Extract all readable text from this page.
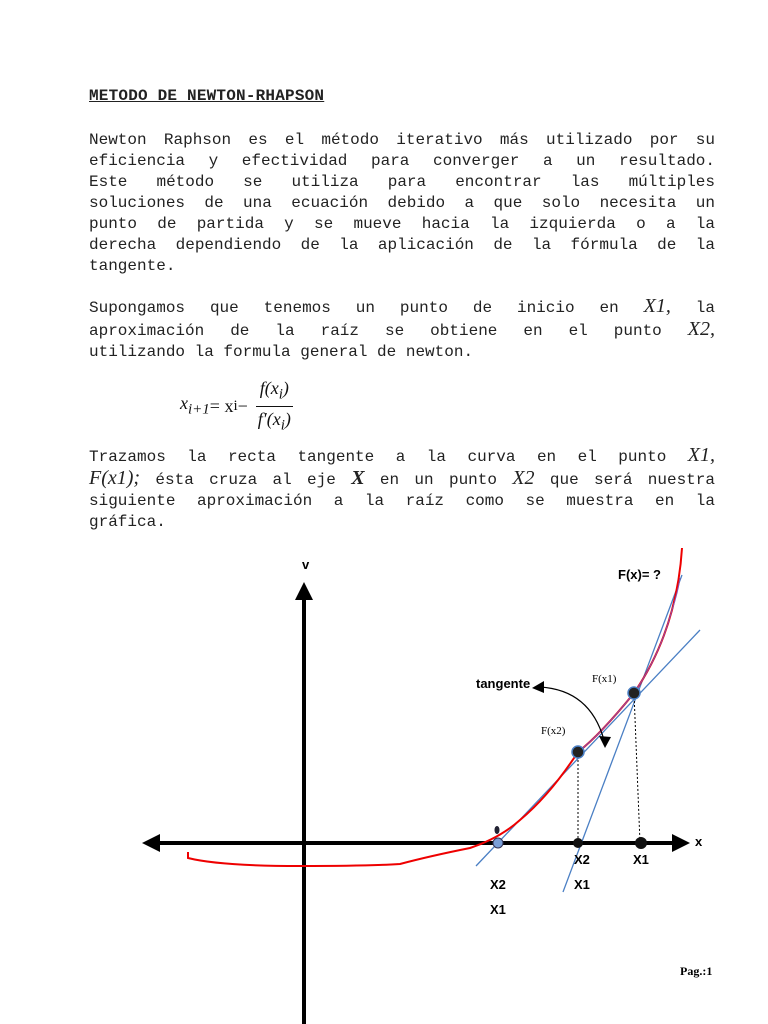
METODO DE NEWTON-RHAPSON
Newton Raphson es el método iterativo más utilizado por su
eficiencia y efectividad para converger a un resultado.
Este método se utiliza para encontrar las múltiples
soluciones de una ecuación debido a que solo necesita un
punto de partida y se mueve hacia la izquierda o a la
derecha dependiendo de la aplicación de la fórmula de la
tangente.
Supongamos que tenemos un punto de inicio en X1, la
aproximación de la raíz se obtiene en el punto X2,
utilizando la formula general de newton.
$x_{i+1} = x$ $i - \frac{f(x_i)}{f'(x_i)}$
Trazamos la recta tangente a la curva en el punto X1,
F(x1); ésta cruza al eje X en un punto X2 que será nuestra
siguiente aproximación a la raíz como se muestra en la
gráfica.
v
x
F(x)= ?
tangente	F(x1)
F(x2)
X2	X1
X1
X2
X1
Pag.:1
